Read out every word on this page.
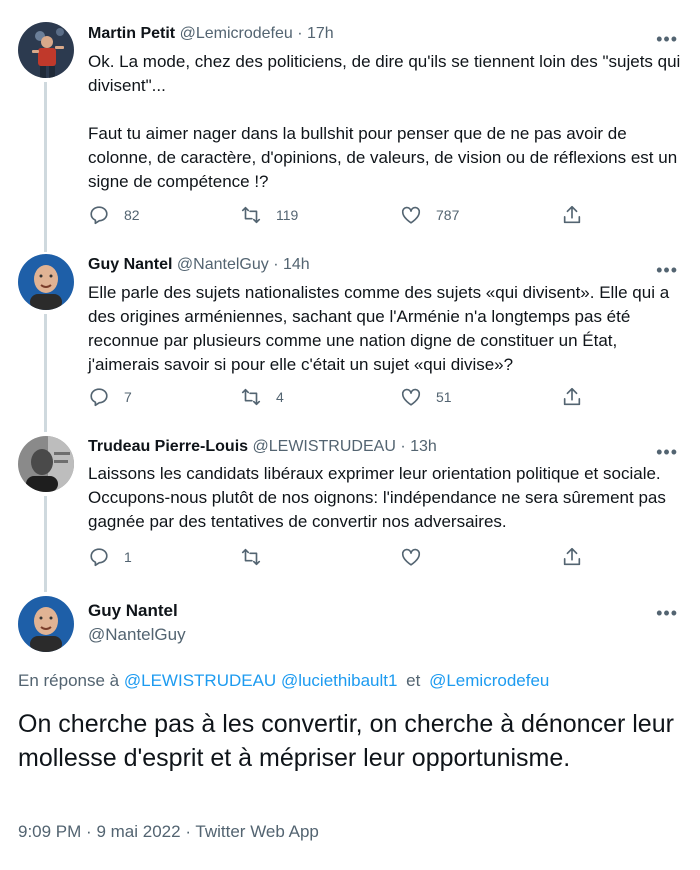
Martin Petit @Lemicrodefeu · 17h	•••
Ok. La mode, chez des politiciens, de dire qu'ils se tiennent loin des "sujets qui divisent"...
Faut tu aimer nager dans la bullshit pour penser que de ne pas avoir de colonne, de caractère, d'opinions, de valeurs, de vision ou de réflexions est un signe de compétence !?
82	119	787
Guy Nantel @NantelGuy · 14h	•••
Elle parle des sujets nationalistes comme des sujets «qui divisent». Elle qui a des origines arméniennes, sachant que l'Arménie n'a longtemps pas été reconnue par plusieurs comme une nation digne de constituer un État, j'aimerais savoir si pour elle c'était un sujet «qui divise»?
7	4	51
Trudeau Pierre-Louis @LEWISTRUDEAU · 13h	•••
Laissons les candidats libéraux exprimer leur orientation politique et sociale. Occupons-nous plutôt de nos oignons: l'indépendance ne sera sûrement pas gagnée par des tentatives de convertir nos adversaires.
1
Guy Nantel
@NantelGuy
•••
En réponse à @LEWISTRUDEAU @luciethibault1 et @Lemicrodefeu
On cherche pas à les convertir, on cherche à dénoncer leur mollesse d'esprit et à mépriser leur opportunisme.
9:09 PM · 9 mai 2022 · Twitter Web App
